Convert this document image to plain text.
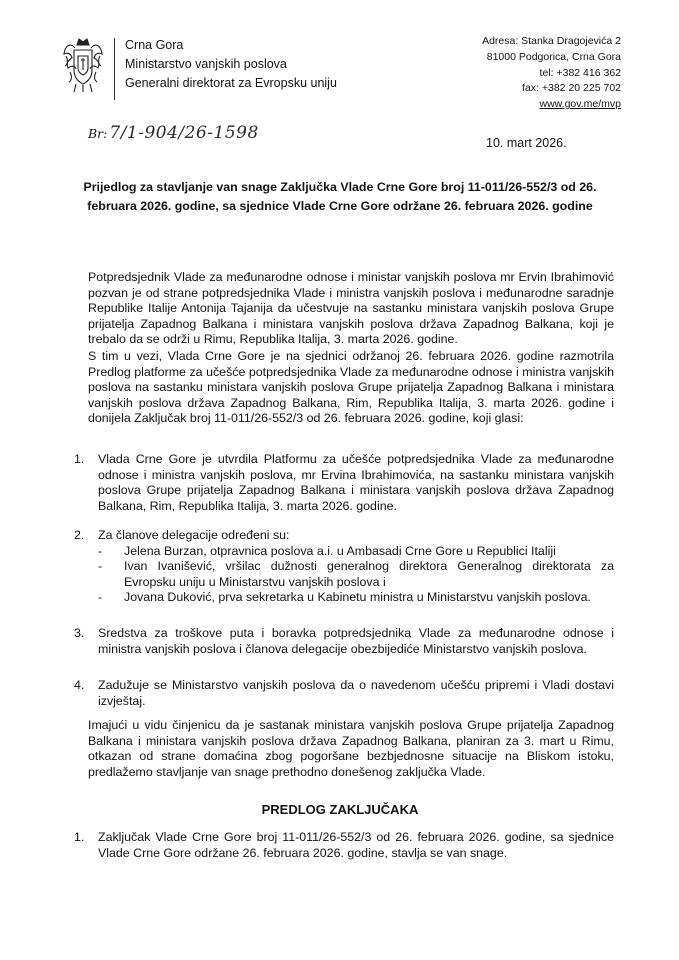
Crna Gora
Ministarstvo vanjskih poslova
Generalni direktorat za Evropsku uniju
Adresa: Stanka Dragojevića 2
81000 Podgorica, Crna Gora
tel: +382 416 362
fax: +382 20 225 702
www.gov.me/mvp
Br: 7/1-904/26-1598	10. mart 2026.
Prijedlog za stavljanje van snage Zaključka Vlade Crne Gore broj 11-011/26-552/3 od 26. februara 2026. godine, sa sjednice Vlade Crne Gore održane 26. februara 2026. godine
Potpredsjednik Vlade za međunarodne odnose i ministar vanjskih poslova mr Ervin Ibrahimović pozvan je od strane potpredsjednika Vlade i ministra vanjskih poslova i međunarodne saradnje Republike Italije Antonija Tajanija da učestvuje na sastanku ministara vanjskih poslova Grupe prijatelja Zapadnog Balkana i ministara vanjskih poslova država Zapadnog Balkana, koji je trebalo da se održi u Rimu, Republika Italija, 3. marta 2026. godine.
S tim u vezi, Vlada Crne Gore je na sjednici održanoj 26. februara 2026. godine razmotrila Predlog platforme za učešće potpredsjednika Vlade za međunarodne odnose i ministra vanjskih poslova na sastanku ministara vanjskih poslova Grupe prijatelja Zapadnog Balkana i ministara vanjskih poslova država Zapadnog Balkana, Rim, Republika Italija, 3. marta 2026. godine i donijela Zaključak broj 11-011/26-552/3 od 26. februara 2026. godine, koji glasi:
1. Vlada Crne Gore je utvrdila Platformu za učešće potpredsjednika Vlade za međunarodne odnose i ministra vanjskih poslova, mr Ervina Ibrahimovića, na sastanku ministara vanjskih poslova Grupe prijatelja Zapadnog Balkana i ministara vanjskih poslova država Zapadnog Balkana, Rim, Republika Italija, 3. marta 2026. godine.
2. Za članove delegacije određeni su:
- Jelena Burzan, otpravnica poslova a.i. u Ambasadi Crne Gore u Republici Italiji
- Ivan Ivanišević, vršilac dužnosti generalnog direktora Generalnog direktorata za Evropsku uniju u Ministarstvu vanjskih poslova i
- Jovana Duković, prva sekretarka u Kabinetu ministra u Ministarstvu vanjskih poslova.
3. Sredstva za troškove puta i boravka potpredsjednika Vlade za međunarodne odnose i ministra vanjskih poslova i članova delegacije obezbijediće Ministarstvo vanjskih poslova.
4. Zadužuje se Ministarstvo vanjskih poslova da o navedenom učešću pripremi i Vladi dostavi izvještaj.
Imajući u vidu činjenicu da je sastanak ministara vanjskih poslova Grupe prijatelja Zapadnog Balkana i ministara vanjskih poslova država Zapadnog Balkana, planiran za 3. mart u Rimu, otkazan od strane domaćina zbog pogoršane bezbjednosne situacije na Bliskom istoku, predlažemo stavljanje van snage prethodno donešenog zaključka Vlade.
PREDLOG ZAKLJUČAKA
1. Zaključak Vlade Crne Gore broj 11-011/26-552/3 od 26. februara 2026. godine, sa sjednice Vlade Crne Gore održane 26. februara 2026. godine, stavlja se van snage.
